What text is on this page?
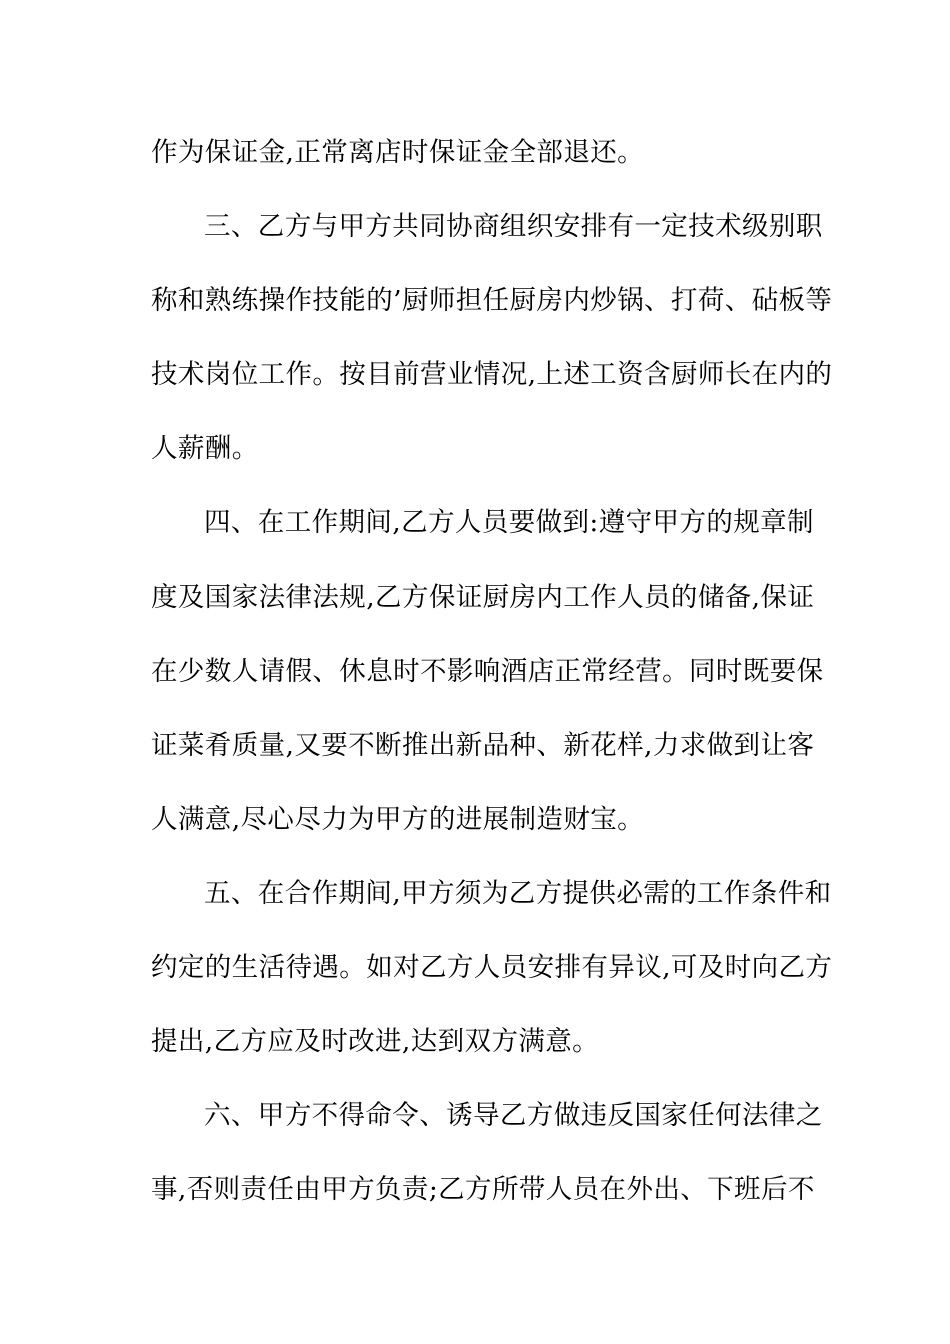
作为保证金,正常离店时保证金全部退还。
三、乙方与甲方共同协商组织安排有一定技术级别职
称和熟练操作技能的’厨师担任厨房内炒锅、打荷、砧板等
技术岗位工作。按目前营业情况,上述工资含厨师长在内的
人薪酬。
四、在工作期间,乙方人员要做到:遵守甲方的规章制
度及国家法律法规,乙方保证厨房内工作人员的储备,保证
在少数人请假、休息时不影响酒店正常经营。同时既要保
证菜肴质量,又要不断推出新品种、新花样,力求做到让客
人满意,尽心尽力为甲方的进展制造财宝。
五、在合作期间,甲方须为乙方提供必需的工作条件和
约定的生活待遇。如对乙方人员安排有异议,可及时向乙方
提出,乙方应及时改进,达到双方满意。
六、甲方不得命令、诱导乙方做违反国家任何法律之
事,否则责任由甲方负责;乙方所带人员在外出、下班后不
